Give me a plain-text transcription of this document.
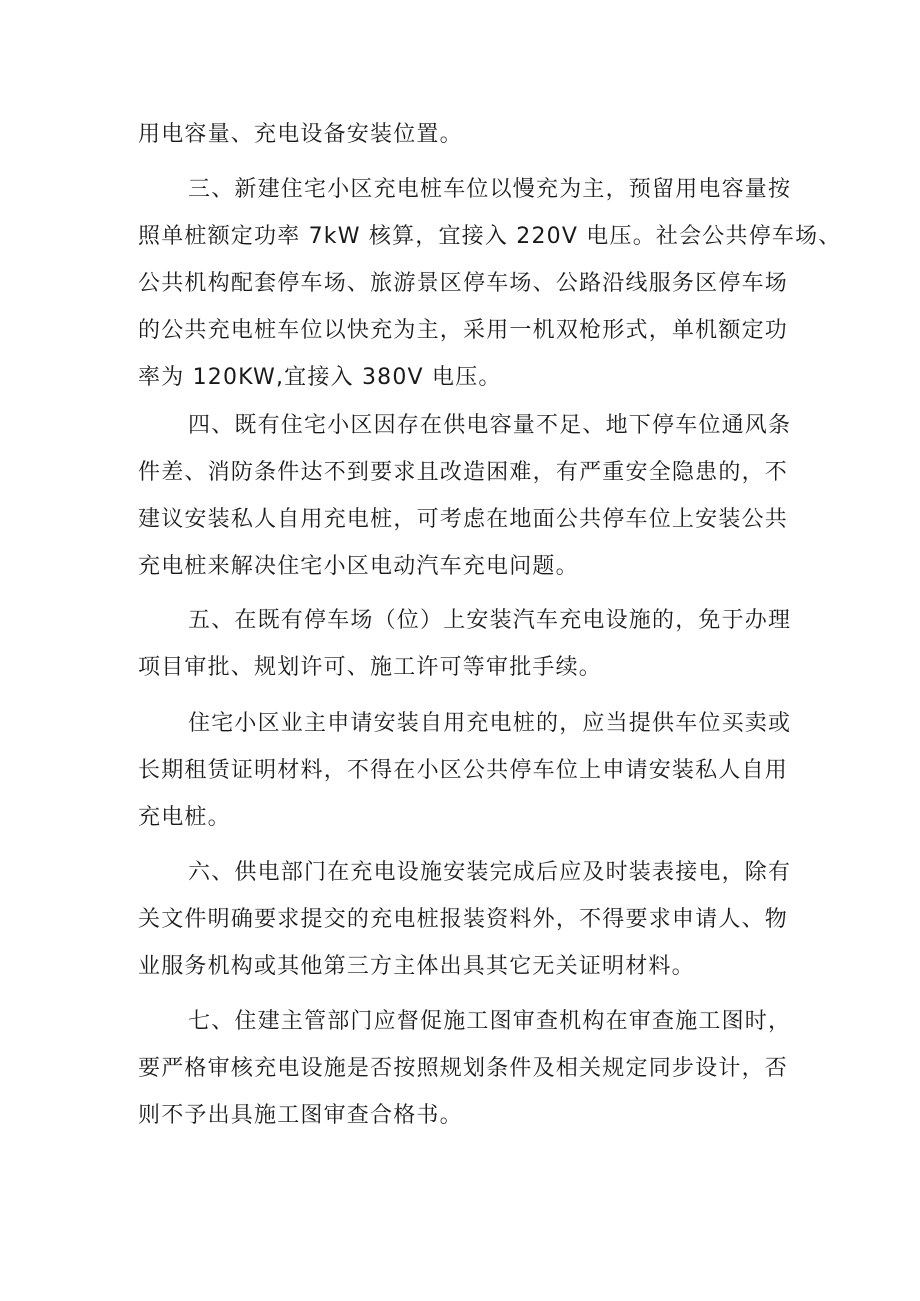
用电容量、充电设备安装位置。
三、新建住宅小区充电桩车位以慢充为主，预留用电容量按
照单桩额定功率 7kW 核算，宜接入 220V 电压。社会公共停车场、
公共机构配套停车场、旅游景区停车场、公路沿线服务区停车场
的公共充电桩车位以快充为主，采用一机双枪形式，单机额定功
率为 120KW,宜接入 380V 电压。
四、既有住宅小区因存在供电容量不足、地下停车位通风条
件差、消防条件达不到要求且改造困难，有严重安全隐患的，不
建议安装私人自用充电桩，可考虑在地面公共停车位上安装公共
充电桩来解决住宅小区电动汽车充电问题。
五、在既有停车场（位）上安装汽车充电设施的，免于办理
项目审批、规划许可、施工许可等审批手续。
住宅小区业主申请安装自用充电桩的，应当提供车位买卖或
长期租赁证明材料，不得在小区公共停车位上申请安装私人自用
充电桩。
六、供电部门在充电设施安装完成后应及时装表接电，除有
关文件明确要求提交的充电桩报装资料外，不得要求申请人、物
业服务机构或其他第三方主体出具其它无关证明材料。
七、住建主管部门应督促施工图审查机构在审查施工图时，
要严格审核充电设施是否按照规划条件及相关规定同步设计，否
则不予出具施工图审查合格书。
